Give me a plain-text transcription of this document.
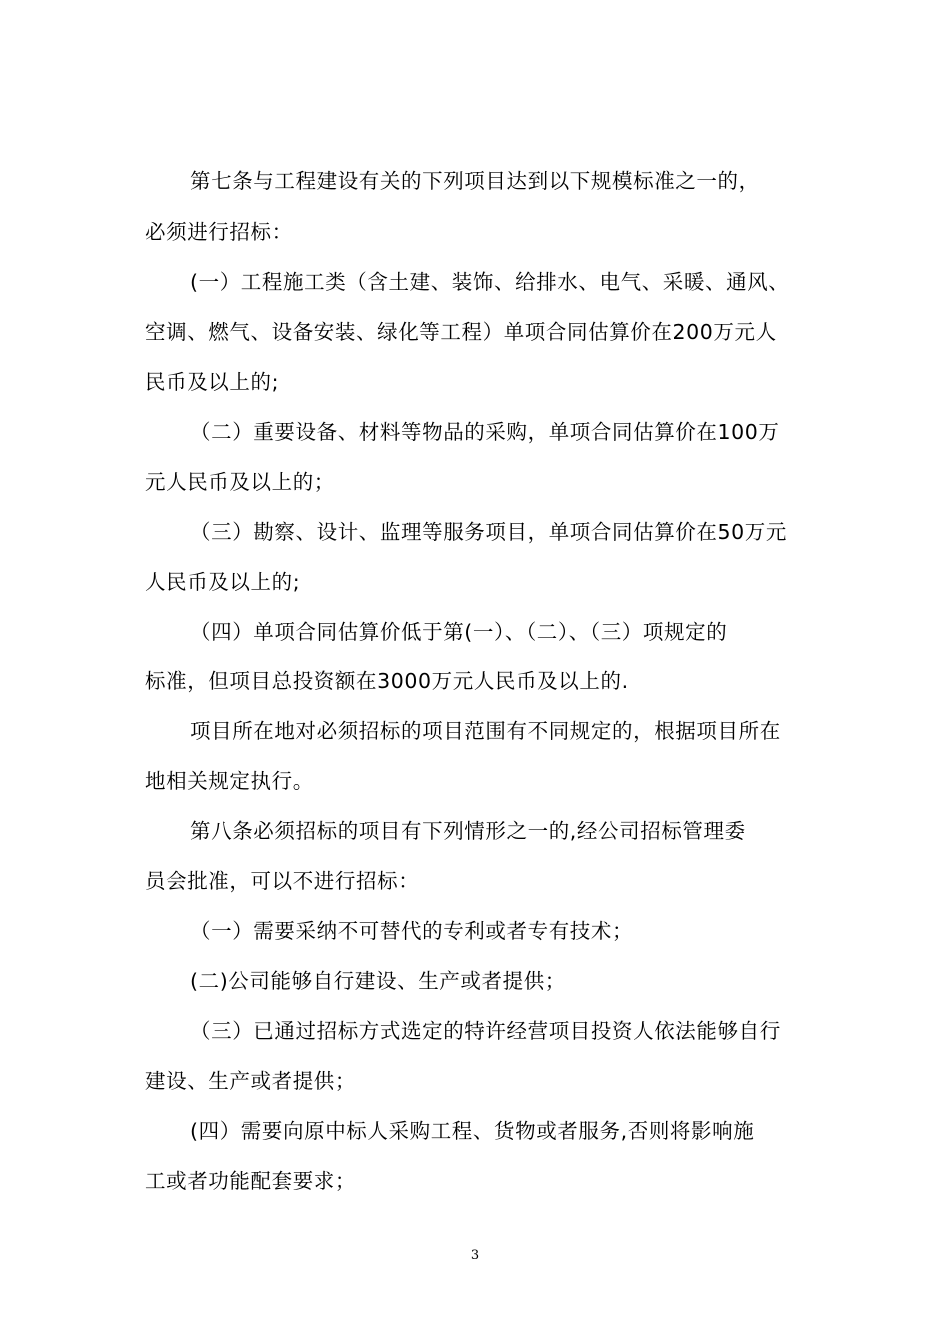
第七条与工程建设有关的下列项目达到以下规模标准之一的，
必须进行招标：
(一）工程施工类（含土建、装饰、给排水、电气、采暖、通风、
空调、燃气、设备安装、绿化等工程）单项合同估算价在200万元人
民币及以上的;
（二）重要设备、材料等物品的采购，单项合同估算价在100万
元人民币及以上的；
（三）勘察、设计、监理等服务项目，单项合同估算价在50万元
人民币及以上的;
（四）单项合同估算价低于第(一）、（二）、（三）项规定的
标准，但项目总投资额在3000万元人民币及以上的.
项目所在地对必须招标的项目范围有不同规定的，根据项目所在
地相关规定执行。
第八条必须招标的项目有下列情形之一的,经公司招标管理委
员会批准，可以不进行招标：
（一）需要采纳不可替代的专利或者专有技术；
(二)公司能够自行建设、生产或者提供；
（三）已通过招标方式选定的特许经营项目投资人依法能够自行
建设、生产或者提供；
(四）需要向原中标人采购工程、货物或者服务,否则将影响施
工或者功能配套要求；
3
